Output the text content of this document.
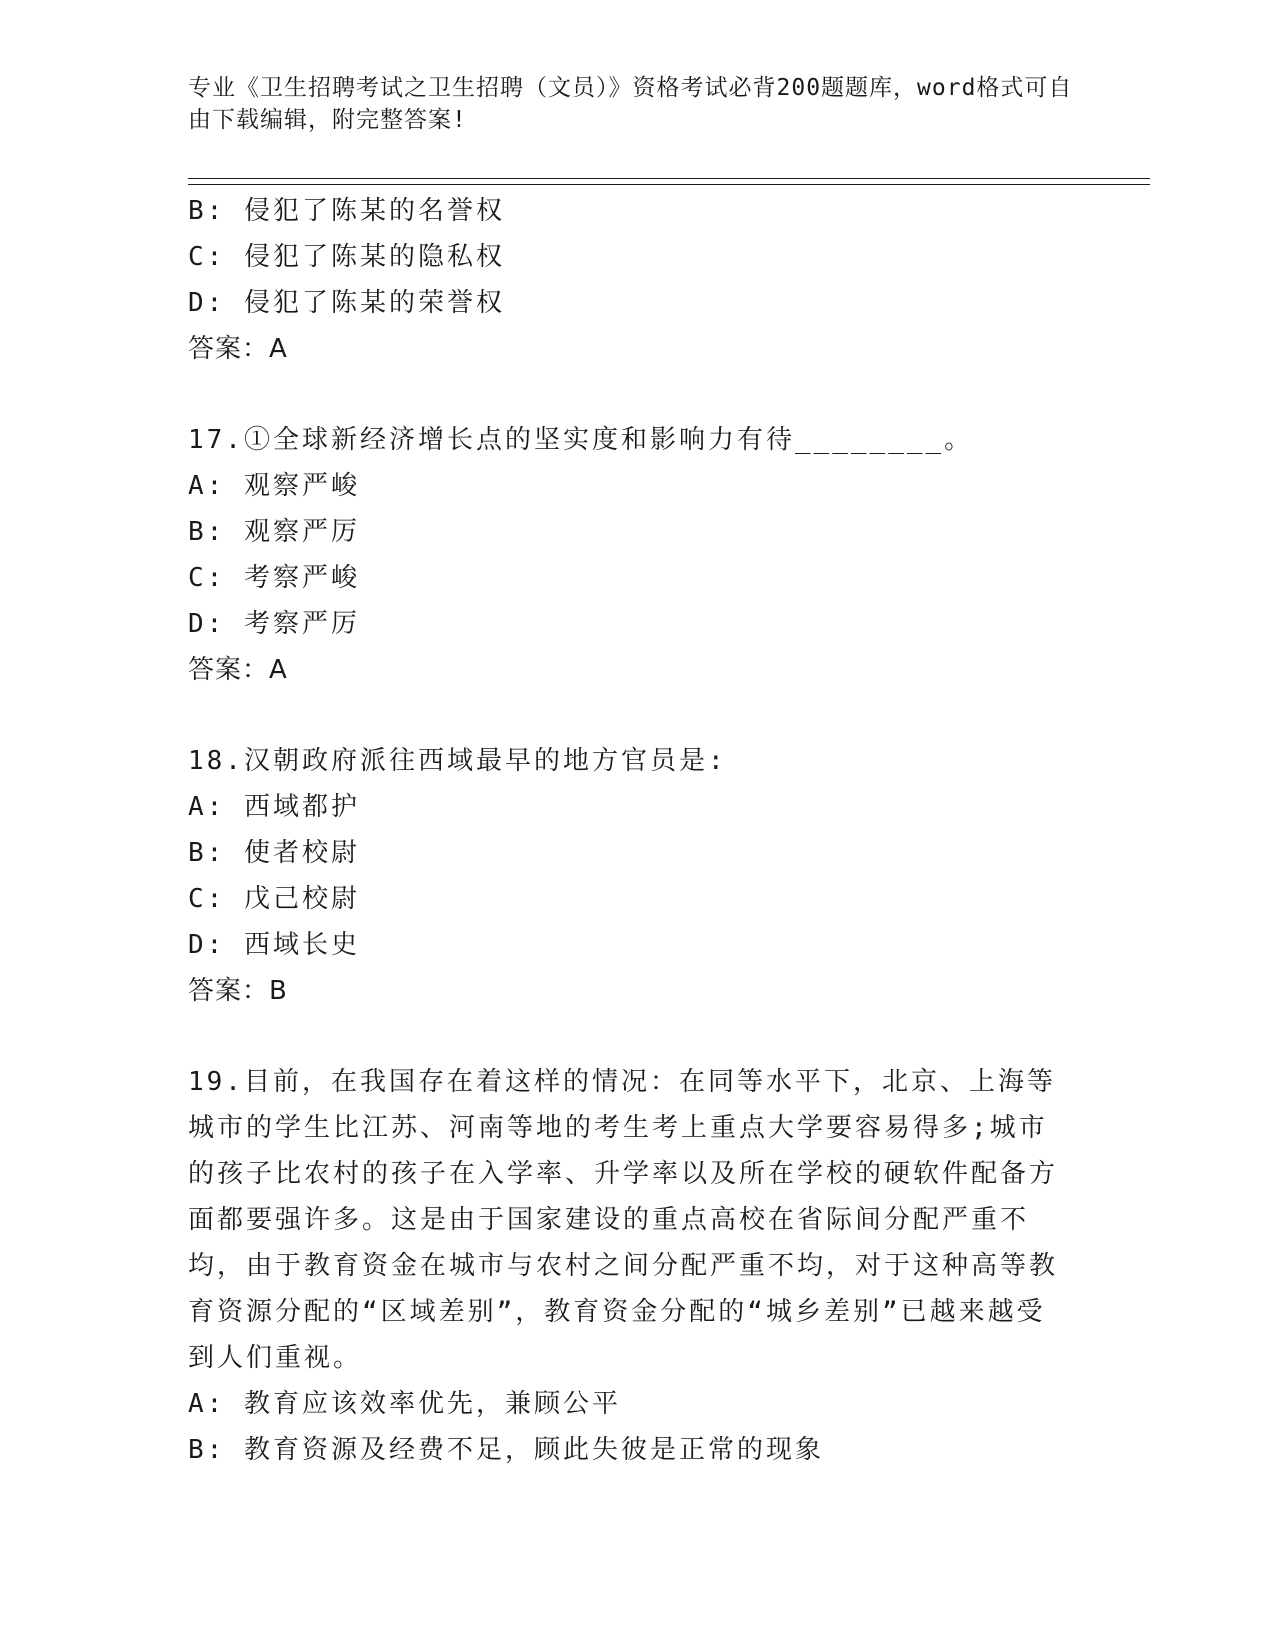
专业《卫生招聘考试之卫生招聘（文员）》资格考试必背200题题库，word格式可自由下载编辑，附完整答案!
B: 侵犯了陈某的名誉权
C: 侵犯了陈某的隐私权
D: 侵犯了陈某的荣誉权
答案：A
17.①全球新经济增长点的坚实度和影响力有待________。
A: 观察严峻
B: 观察严厉
C: 考察严峻
D: 考察严厉
答案：A
18.汉朝政府派往西域最早的地方官员是:
A: 西域都护
B: 使者校尉
C: 戊己校尉
D: 西域长史
答案：B
19.目前，在我国存在着这样的情况：在同等水平下，北京、上海等城市的学生比江苏、河南等地的考生考上重点大学要容易得多;城市的孩子比农村的孩子在入学率、升学率以及所在学校的硬软件配备方面都要强许多。这是由于国家建设的重点高校在省际间分配严重不均，由于教育资金在城市与农村之间分配严重不均，对于这种高等教育资源分配的“区域差别”，教育资金分配的“城乡差别”已越来越受到人们重视。
A: 教育应该效率优先，兼顾公平
B: 教育资源及经费不足，顾此失彼是正常的现象
